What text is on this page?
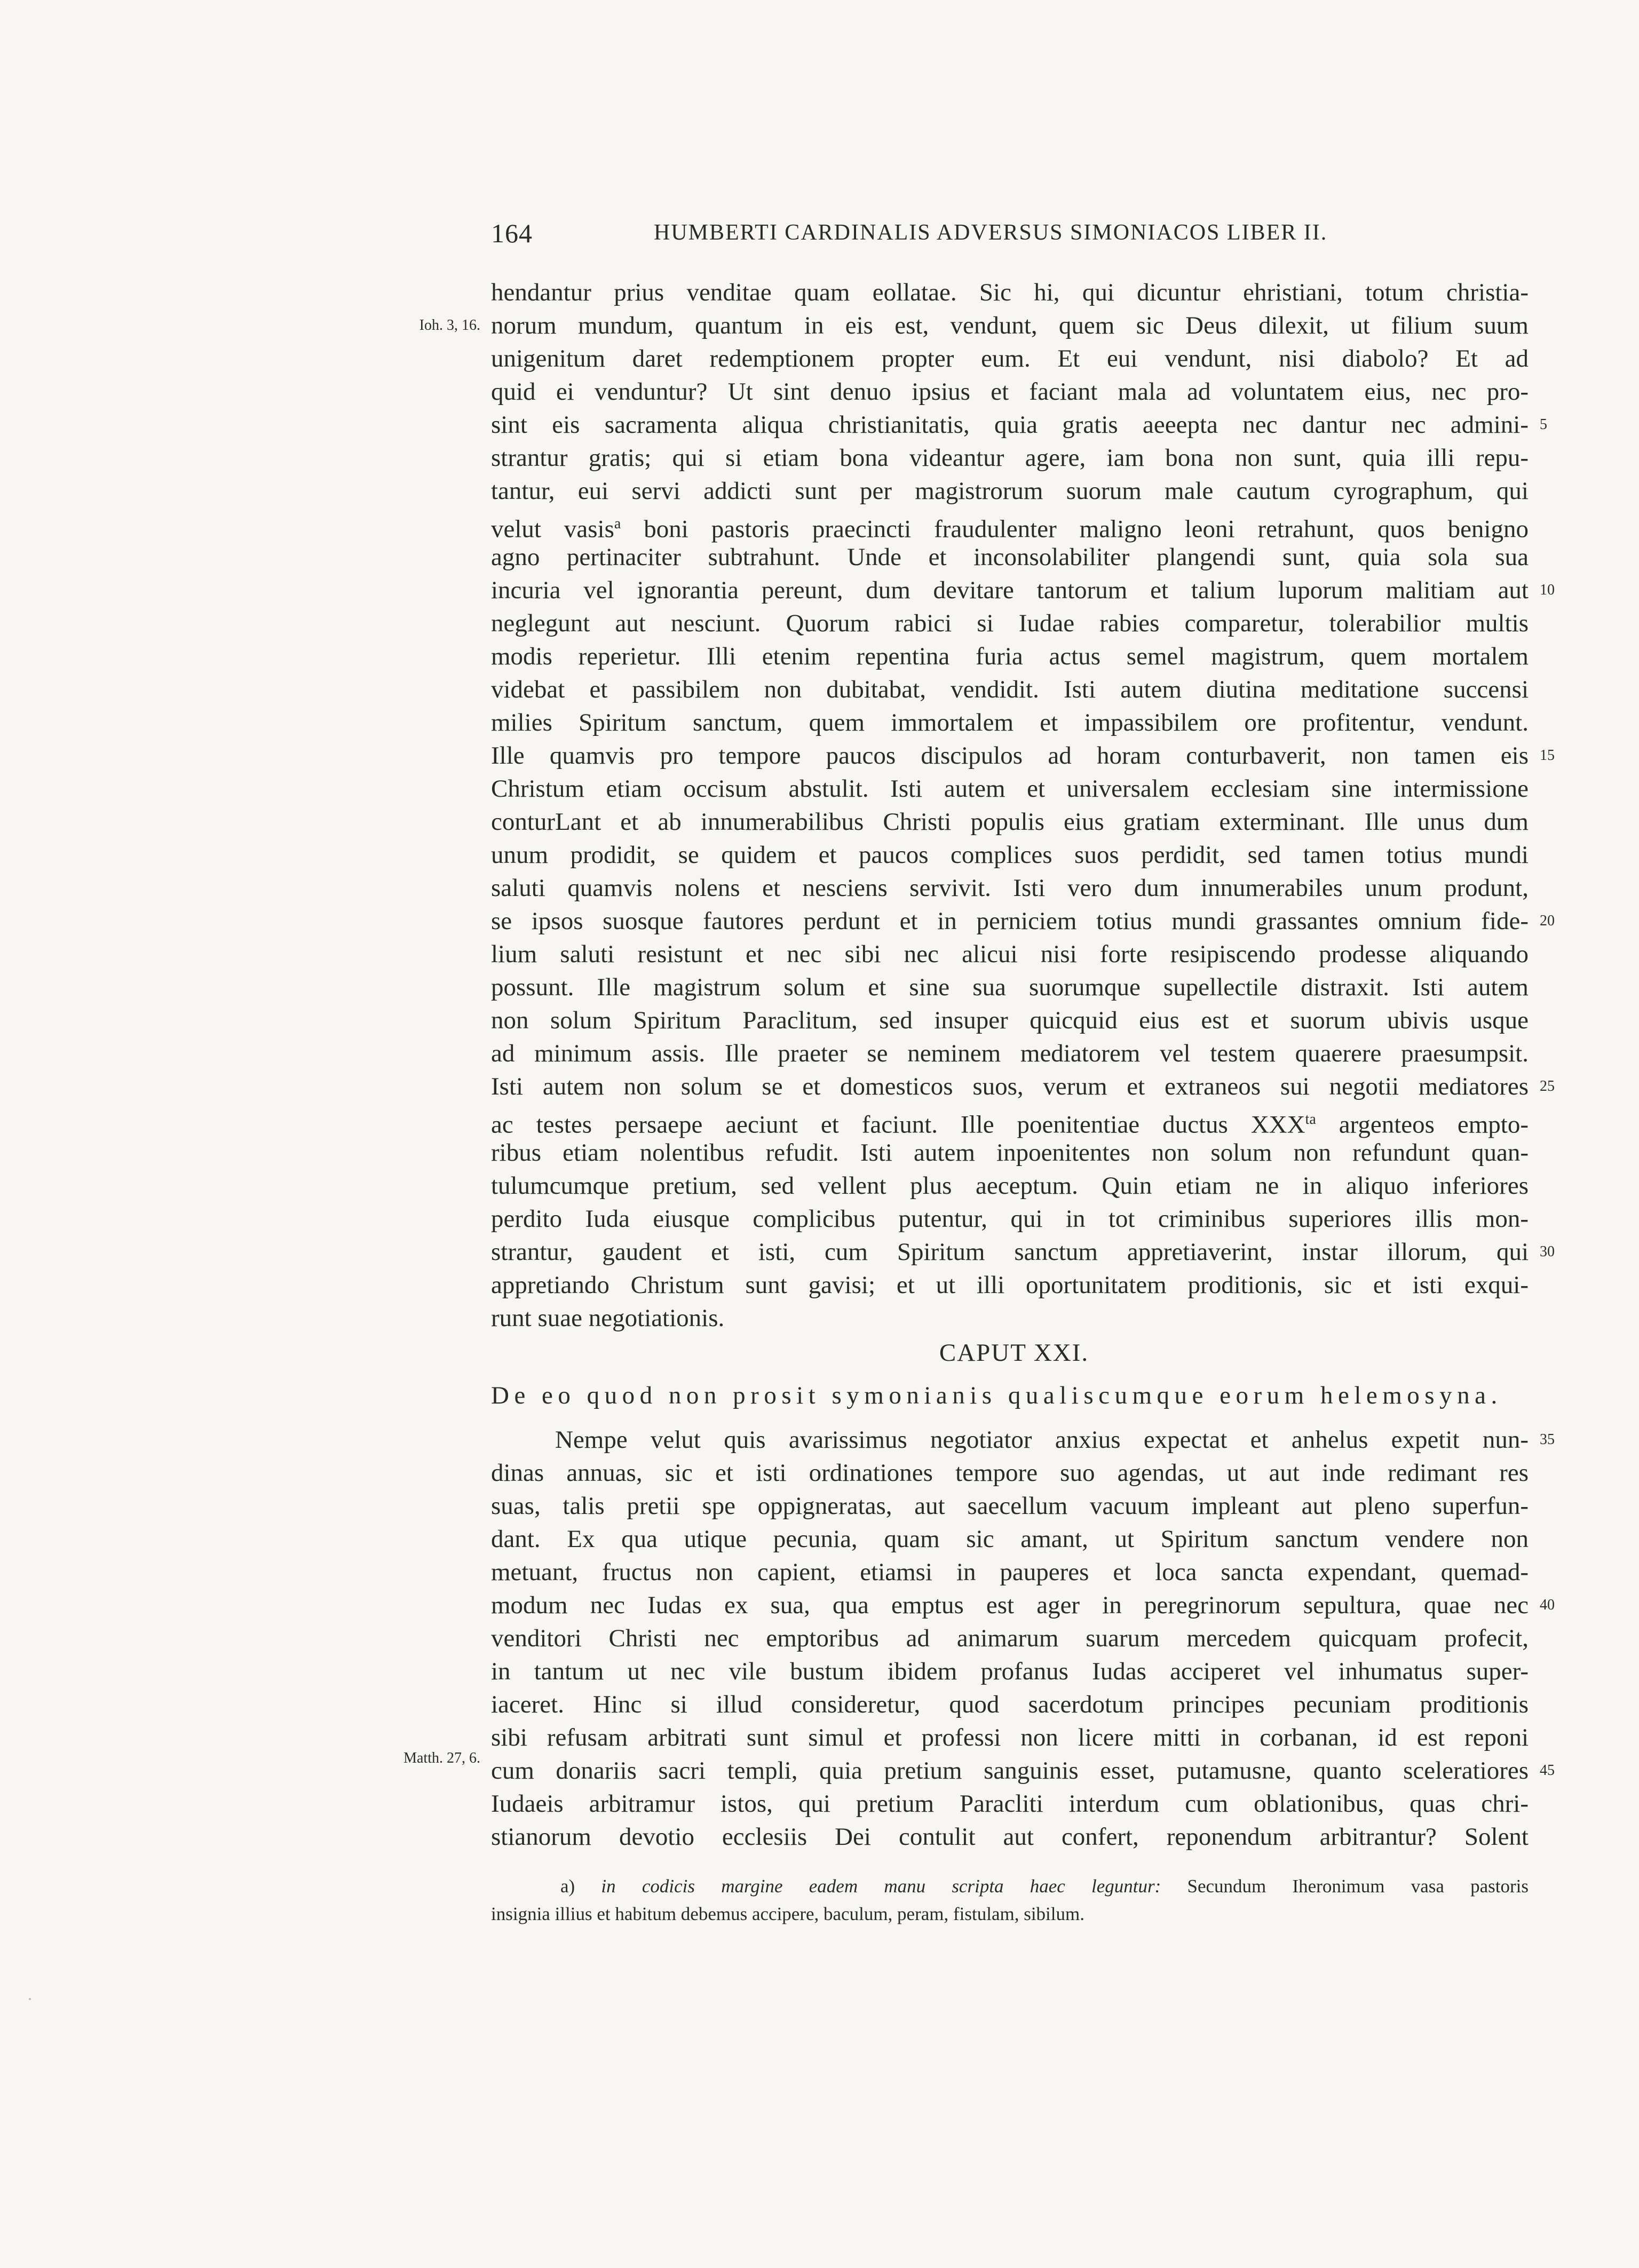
164	HUMBERTI CARDINALIS ADVERSUS SIMONIACOS LIBER II.
Ioh. 3, 16.
Matth. 27, 6.
hendantur prius venditae quam eollatae. Sic hi, qui dicuntur ehristiani, totum christia-
norum mundum, quantum in eis est, vendunt, quem sic Deus dilexit, ut filium suum
unigenitum daret redemptionem propter eum. Et eui vendunt, nisi diabolo? Et ad
quid ei venduntur? Ut sint denuo ipsius et faciant mala ad voluntatem eius, nec pro-
sint eis sacramenta aliqua christianitatis, quia gratis aeeepta nec dantur nec admini-
strantur gratis; qui si etiam bona videantur agere, iam bona non sunt, quia illi repu-
tantur, eui servi addicti sunt per magistrorum suorum male cautum cyrographum, qui
velut vasis$^a$ boni pastoris praecincti fraudulenter maligno leoni retrahunt, quos benigno
agno pertinaciter subtrahunt. Unde et inconsolabiliter plangendi sunt, quia sola sua
incuria vel ignorantia pereunt, dum devitare tantorum et talium luporum malitiam aut
neglegunt aut nesciunt. Quorum rabici si Iudae rabies comparetur, tolerabilior multis
modis reperietur. Illi etenim repentina furia actus semel magistrum, quem mortalem
videbat et passibilem non dubitabat, vendidit. Isti autem diutina meditatione succensi
milies Spiritum sanctum, quem immortalem et impassibilem ore profitentur, vendunt.
Ille quamvis pro tempore paucos discipulos ad horam conturbaverit, non tamen eis
Christum etiam occisum abstulit. Isti autem et universalem ecclesiam sine intermissione
conturLant et ab innumerabilibus Christi populis eius gratiam exterminant. Ille unus dum
unum prodidit, se quidem et paucos complices suos perdidit, sed tamen totius mundi
saluti quamvis nolens et nesciens servivit. Isti vero dum innumerabiles unum produnt,
se ipsos suosque fautores perdunt et in perniciem totius mundi grassantes omnium fide-
lium saluti resistunt et nec sibi nec alicui nisi forte resipiscendo prodesse aliquando
possunt. Ille magistrum solum et sine sua suorumque supellectile distraxit. Isti autem
non solum Spiritum Paraclitum, sed insuper quicquid eius est et suorum ubivis usque
ad minimum assis. Ille praeter se neminem mediatorem vel testem quaerere praesumpsit.
Isti autem non solum se et domesticos suos, verum et extraneos sui negotii mediatores
ac testes persaepe aeciunt et faciunt. Ille poenitentiae ductus $XXX^{ta}$ argenteos empto-
ribus etiam nolentibus refudit. Isti autem inpoenitentes non solum non refundunt quan-
tulumcumque pretium, sed vellent plus aeceptum. Quin etiam ne in aliquo inferiores
perdito Iuda eiusque complicibus putentur, qui in tot criminibus superiores illis mon-
strantur, gaudent et isti, cum Spiritum sanctum appretiaverint, instar illorum, qui
appretiando Christum sunt gavisi; et ut illi oportunitatem proditionis, sic et isti exqui-
runt suae negotiationis.
CAPUT XXI.
De eo quod non prosit symonianis qualiscumque eorum helemosyna.
Nempe velut quis avarissimus negotiator anxius expectat et anhelus expetit nun-
dinas annuas, sic et isti ordinationes tempore suo agendas, ut aut inde redimant res
suas, talis pretii spe oppigneratas, aut saecellum vacuum impleant aut pleno superfun-
dant. Ex qua utique pecunia, quam sic amant, ut Spiritum sanctum vendere non
metuant, fructus non capient, etiamsi in pauperes et loca sancta expendant, quemad-
modum nec Iudas ex sua, qua emptus est ager in peregrinorum sepultura, quae nec
venditori Christi nec emptoribus ad animarum suarum mercedem quicquam profecit,
in tantum ut nec vile bustum ibidem profanus Iudas acciperet vel inhumatus super-
iaceret. Hinc si illud consideretur, quod sacerdotum principes pecuniam proditionis
sibi refusam arbitrati sunt simul et professi non licere mitti in corbanan, id est reponi
cum donariis sacri templi, quia pretium sanguinis esset, putamusne, quanto sceleratiores
Iudaeis arbitramur istos, qui pretium Paracliti interdum cum oblationibus, quas chri-
stianorum devotio ecclesiis Dei contulit aut confert, reponendum arbitrantur? Solent
5
10
15
20
25
30
35
40
45
a) in codicis margine eadem manu scripta haec leguntur: Secundum Iheronimum vasa pastoris
insignia illius et habitum debemus accipere, baculum, peram, fistulam, sibilum.
